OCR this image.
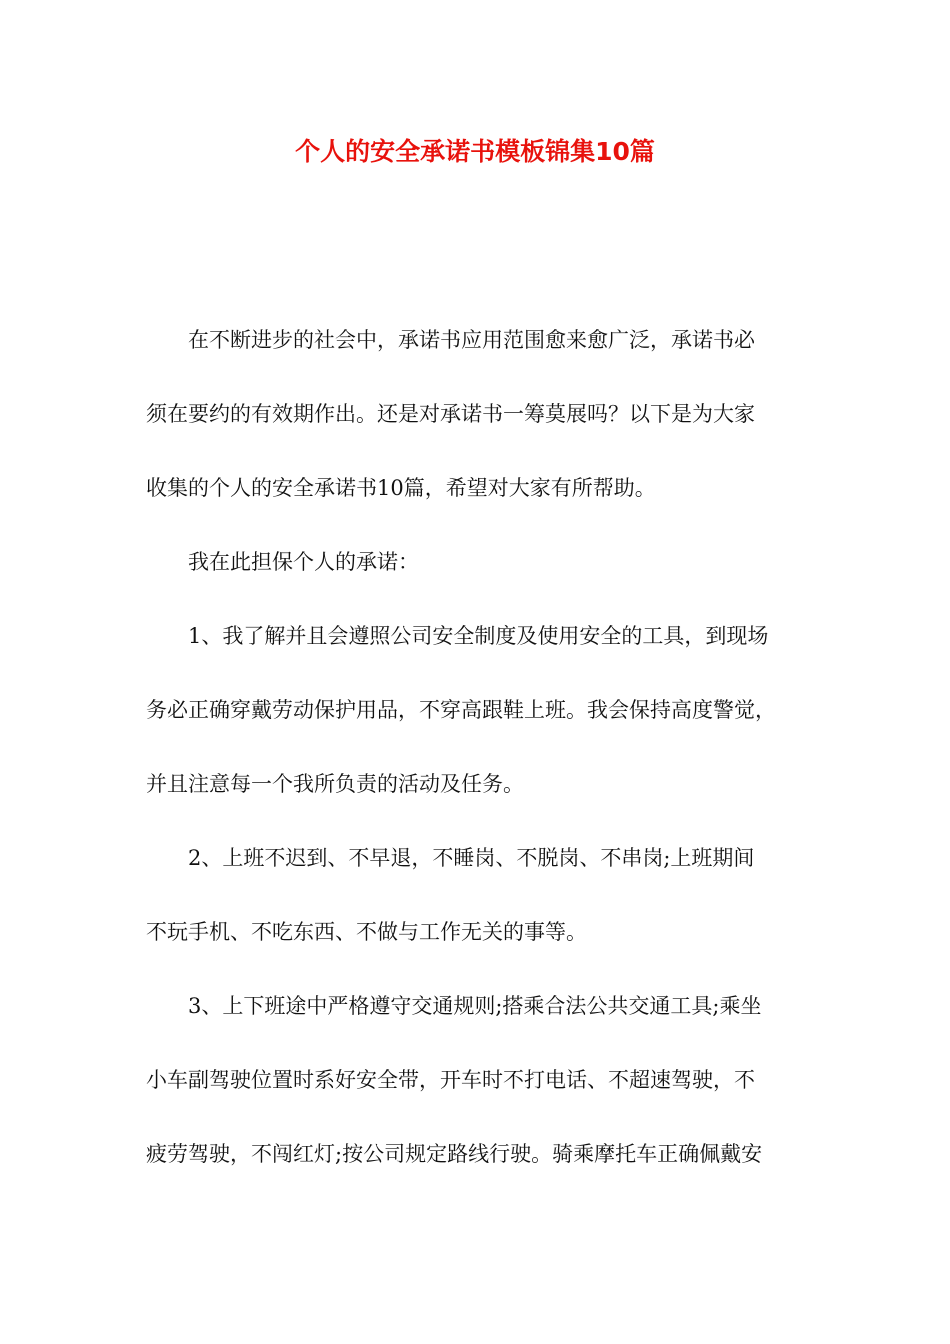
个人的安全承诺书模板锦集10篇

在不断进步的社会中，承诺书应用范围愈来愈广泛，承诺书必

须在要约的有效期作出。还是对承诺书一筹莫展吗？以下是为大家

收集的个人的安全承诺书10篇，希望对大家有所帮助。

我在此担保个人的承诺：

1、我了解并且会遵照公司安全制度及使用安全的工具，到现场

务必正确穿戴劳动保护用品，不穿高跟鞋上班。我会保持高度警觉，

并且注意每一个我所负责的活动及任务。

2、上班不迟到、不早退，不睡岗、不脱岗、不串岗;上班期间

不玩手机、不吃东西、不做与工作无关的事等。

3、上下班途中严格遵守交通规则;搭乘合法公共交通工具;乘坐

小车副驾驶位置时系好安全带，开车时不打电话、不超速驾驶，不

疲劳驾驶，不闯红灯;按公司规定路线行驶。骑乘摩托车正确佩戴安
